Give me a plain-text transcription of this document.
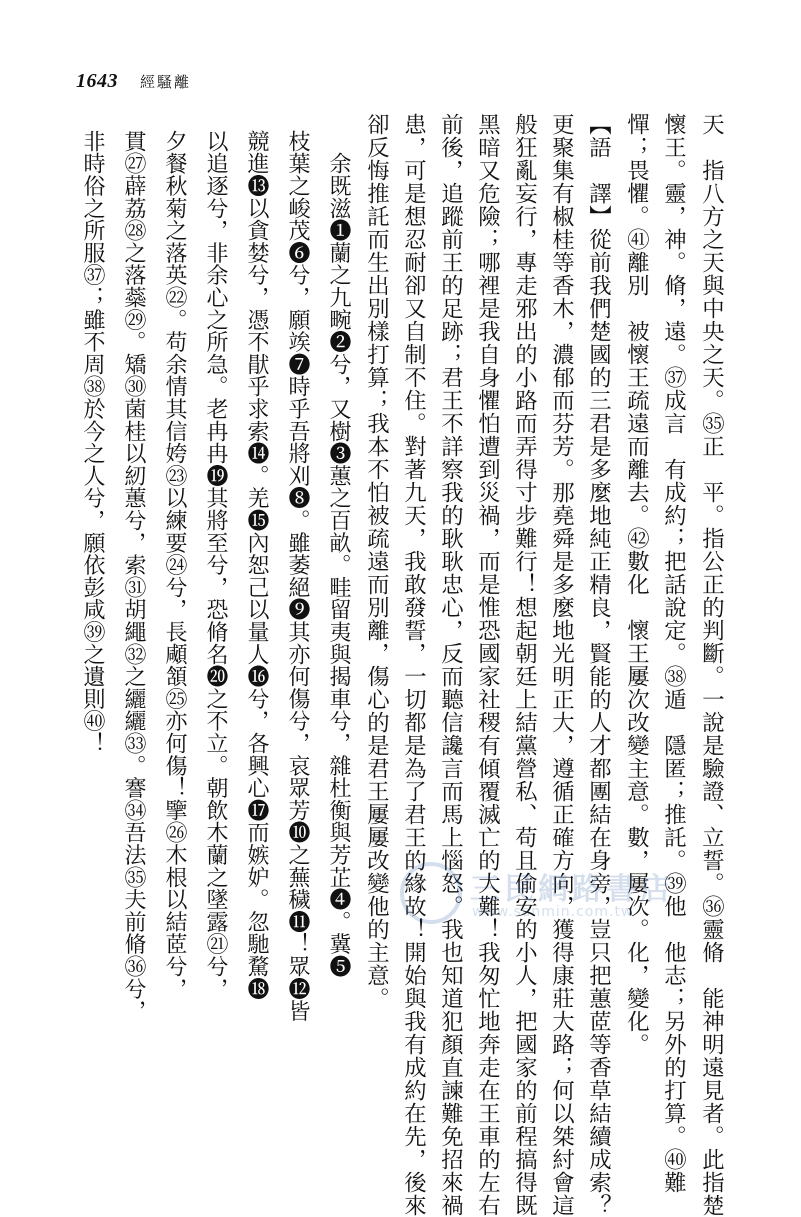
1643 經騷離
天　指八方之天與中央之天。㉟正　平。指公正的判斷。一說是驗證、立誓。㊱靈脩　能神明遠見者。此指楚
懷王。靈，神。脩，遠。㊲成言　有成約；把話說定。㊳遁　隱匿；推託。㊴他　他志；另外的打算。㊵難
憚；畏懼。㊶離別　被懷王疏遠而離去。㊷數化　懷王屢次改變主意。數，屢次。化，變化。
【語　譯】從前我們楚國的三君是多麼地純正精良，賢能的人才都團結在身旁，豈只把蕙茝等香草結續成索？
更聚集有椒桂等香木，濃郁而芬芳。那堯舜是多麼地光明正大，遵循正確方向，獲得康莊大路；何以桀紂會這
般狂亂妄行，專走邪出的小路而弄得寸步難行！想起朝廷上結黨營私、苟且偷安的小人，把國家的前程搞得既
黑暗又危險；哪裡是我自身懼怕遭到災禍，而是惟恐國家社稷有傾覆滅亡的大難！我匆忙地奔走在王車的左右
前後，追蹤前王的足跡；君王不詳察我的耿耿忠心，反而聽信讒言而馬上惱怒。我也知道犯顏直諫難免招來禍
患，可是想忍耐卻又自制不住。對著九天，我敢發誓，一切都是為了君王的緣故！開始與我有成約在先，後來
卻反悔推託而生出別樣打算；我本不怕被疏遠而別離，傷心的是君王屢屢改變他的主意。
　余既滋❶蘭之九畹❷兮，又樹❸蕙之百畝。畦留夷與揭車兮，雜杜衡與芳芷❹。冀❺
枝葉之峻茂❻兮，願竢❼時乎吾將刈❽。雖萎絕❾其亦何傷兮，哀眾芳❿之蕪穢⓫！眾⓬皆
競進⓭以貪婪兮，憑不猒乎求索⓮。羌⓯內恕己以量人⓰兮，各興心⓱而嫉妒。忽馳騖⓲
以追逐兮，非余心之所急。老冉冉⓳其將至兮，恐脩名⓴之不立。朝飲木蘭之墜露㉑兮，
夕餐秋菊之落英㉒。苟余情其信姱㉓以練要㉔兮，長顑頷㉕亦何傷！擥㉖木根以結茝兮，
貫㉗薜荔㉘之落蘂㉙。矯㉚菌桂以紉蕙兮，索㉛胡繩㉜之纚纚㉝。謇㉞吾法㉟夫前脩㊱兮，
非時俗之所服㊲；雖不周㊳於今之人兮，願依彭咸㊴之遺則㊵！
三民網路書店
www.sanmin.com.tw
